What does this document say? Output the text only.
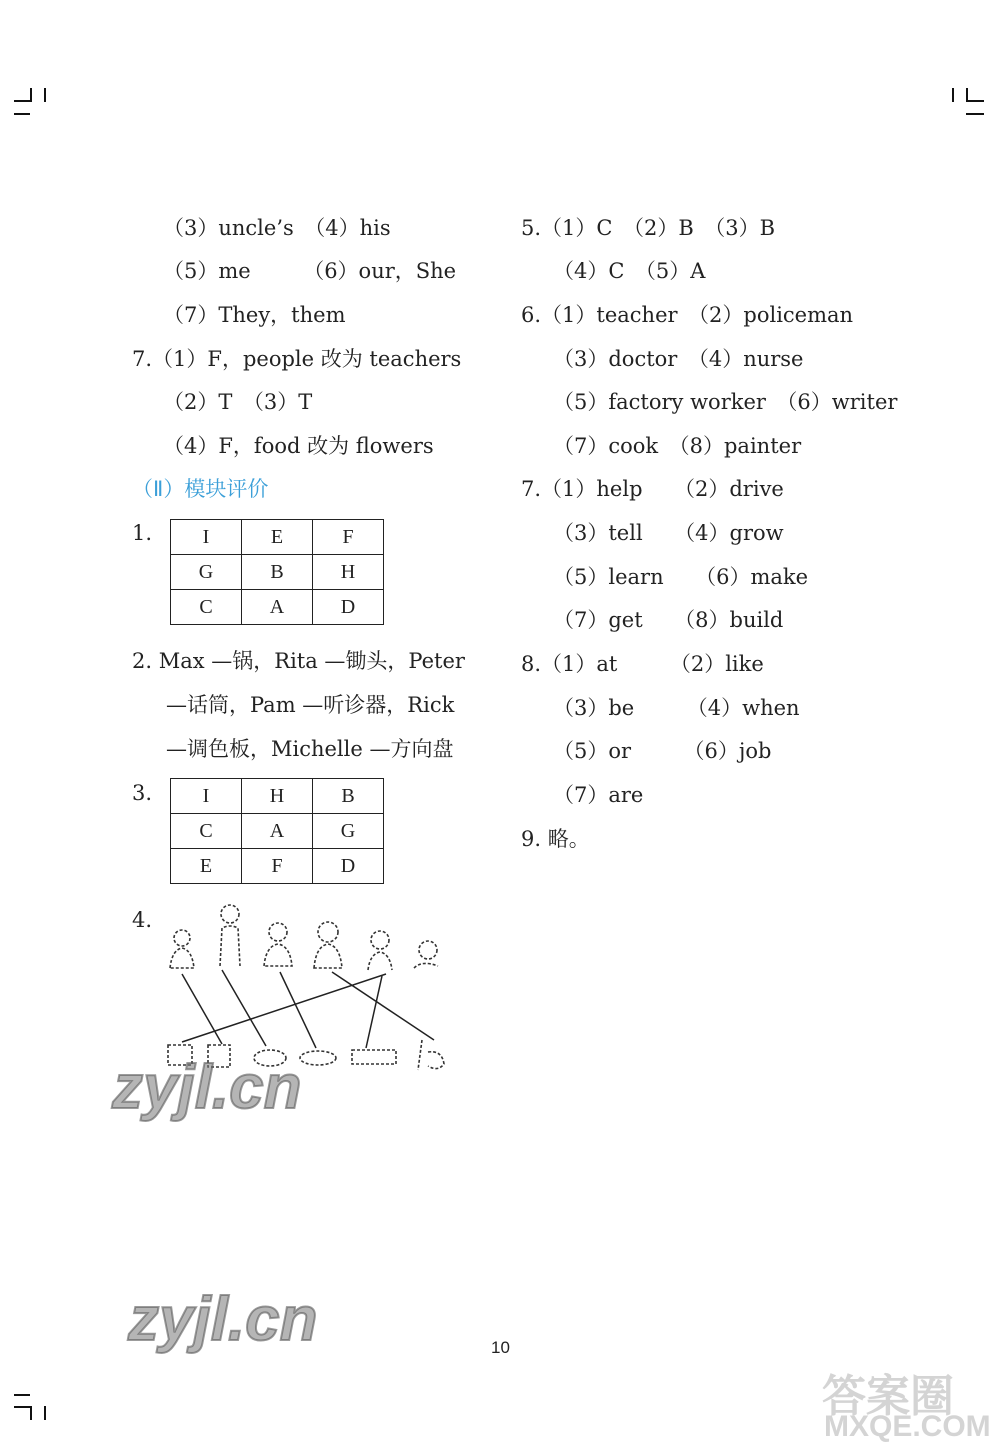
（3）uncle’s　（4）his
（5）me　　　（6）our，She
（7）They，them
7.（1）F，people 改为 teachers
（2）T　（3）T
（4）F，food 改为 flowers
（Ⅱ）模块评价
1.	I	E	F
G	B	H
C	A	D
2. Max —锅，Rita —锄头，Peter
—话筒，Pam —听诊器，Rick
—调色板，Michelle —方向盘
3.	I	H	B
C	A	G
E	F	D
4.
5.（1）C　（2）B　（3）B
（4）C　（5）A
6.（1）teacher　（2）policeman
（3）doctor　（4）nurse
（5）factory worker　（6）writer
（7）cook　（8）painter
7.（1）help　　（2）drive
（3）tell　　（4）grow
（5）learn　　（6）make
（7）get　　（8）build
8.（1）at　　　（2）like
（3）be　　　（4）when
（5）or　　　（6）job
（7）are
9. 略。
zyjl.cn
zyjl.cn
答案圈
MXQE.COM
10
